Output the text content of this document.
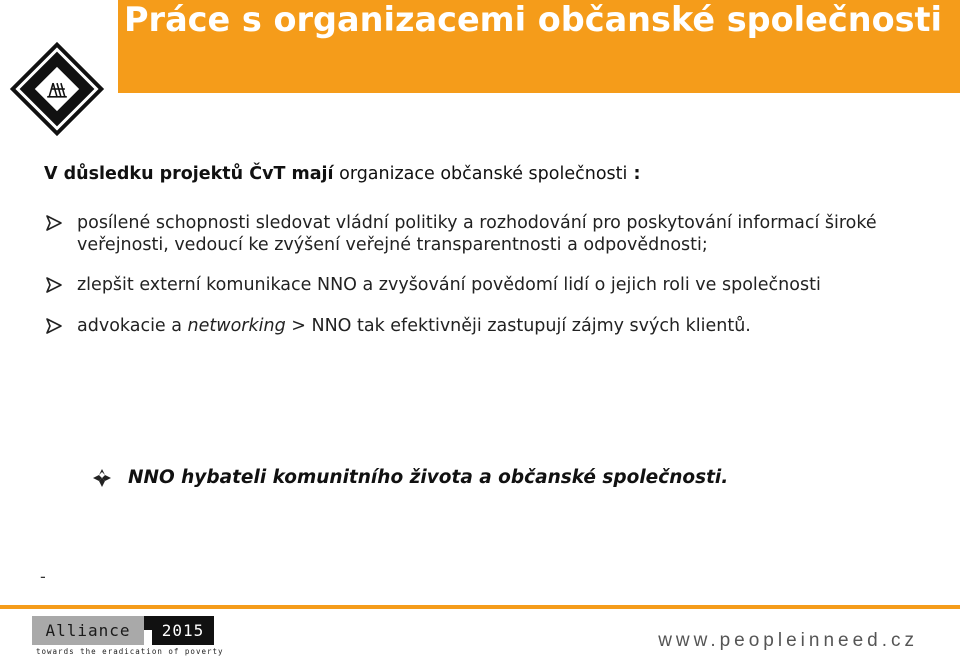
Práce s organizacemi občanské společnosti

V důsledku projektů ČvT mají organizace občanské společnosti :

posílené schopnosti sledovat vládní politiky a rozhodování pro poskytování informací široké veřejnosti, vedoucí ke zvýšení veřejné transparentnosti a odpovědnosti;
zlepšit externí komunikace NNO a zvyšování povědomí lidí o jejich roli ve společnosti
advokacie a networking > NNO tak efektivněji zastupují zájmy svých klientů.

NNO hybateli komunitního života a občanské společnosti.

-
Alliance	2015
towards the eradication of poverty
www.peopleinneed.cz
